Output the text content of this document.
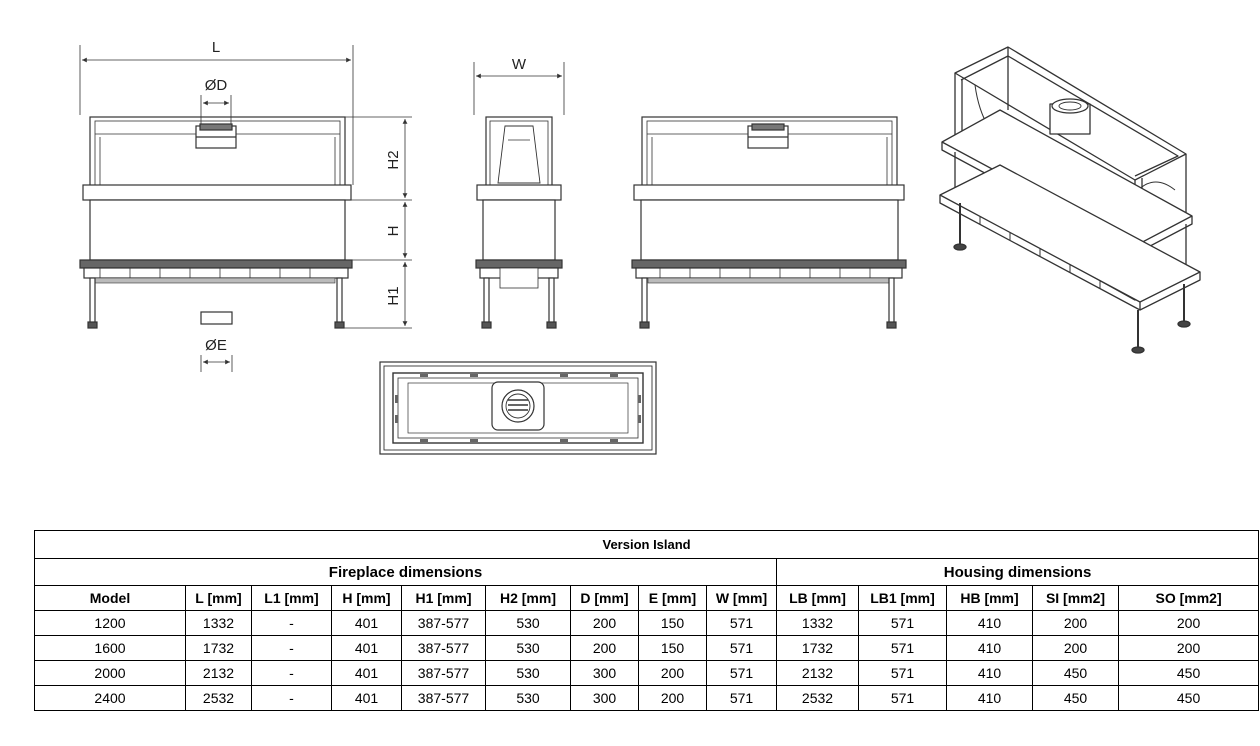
L
ØD
ØE
H2
H
H1
W
Version Island													
Fireplace dimensions									Housing dimensions				
Model	L [mm]	L1 [mm]	H [mm]	H1 [mm]	H2 [mm]	D [mm]	E [mm]	W [mm]	LB [mm]	LB1 [mm]	HB [mm]	SI [mm2]	SO [mm2]
1200	1332	-	401	387-577	530	200	150	571	1332	571	410	200	200
1600	1732	-	401	387-577	530	200	150	571	1732	571	410	200	200
2000	2132	-	401	387-577	530	300	200	571	2132	571	410	450	450
2400	2532	-	401	387-577	530	300	200	571	2532	571	410	450	450
